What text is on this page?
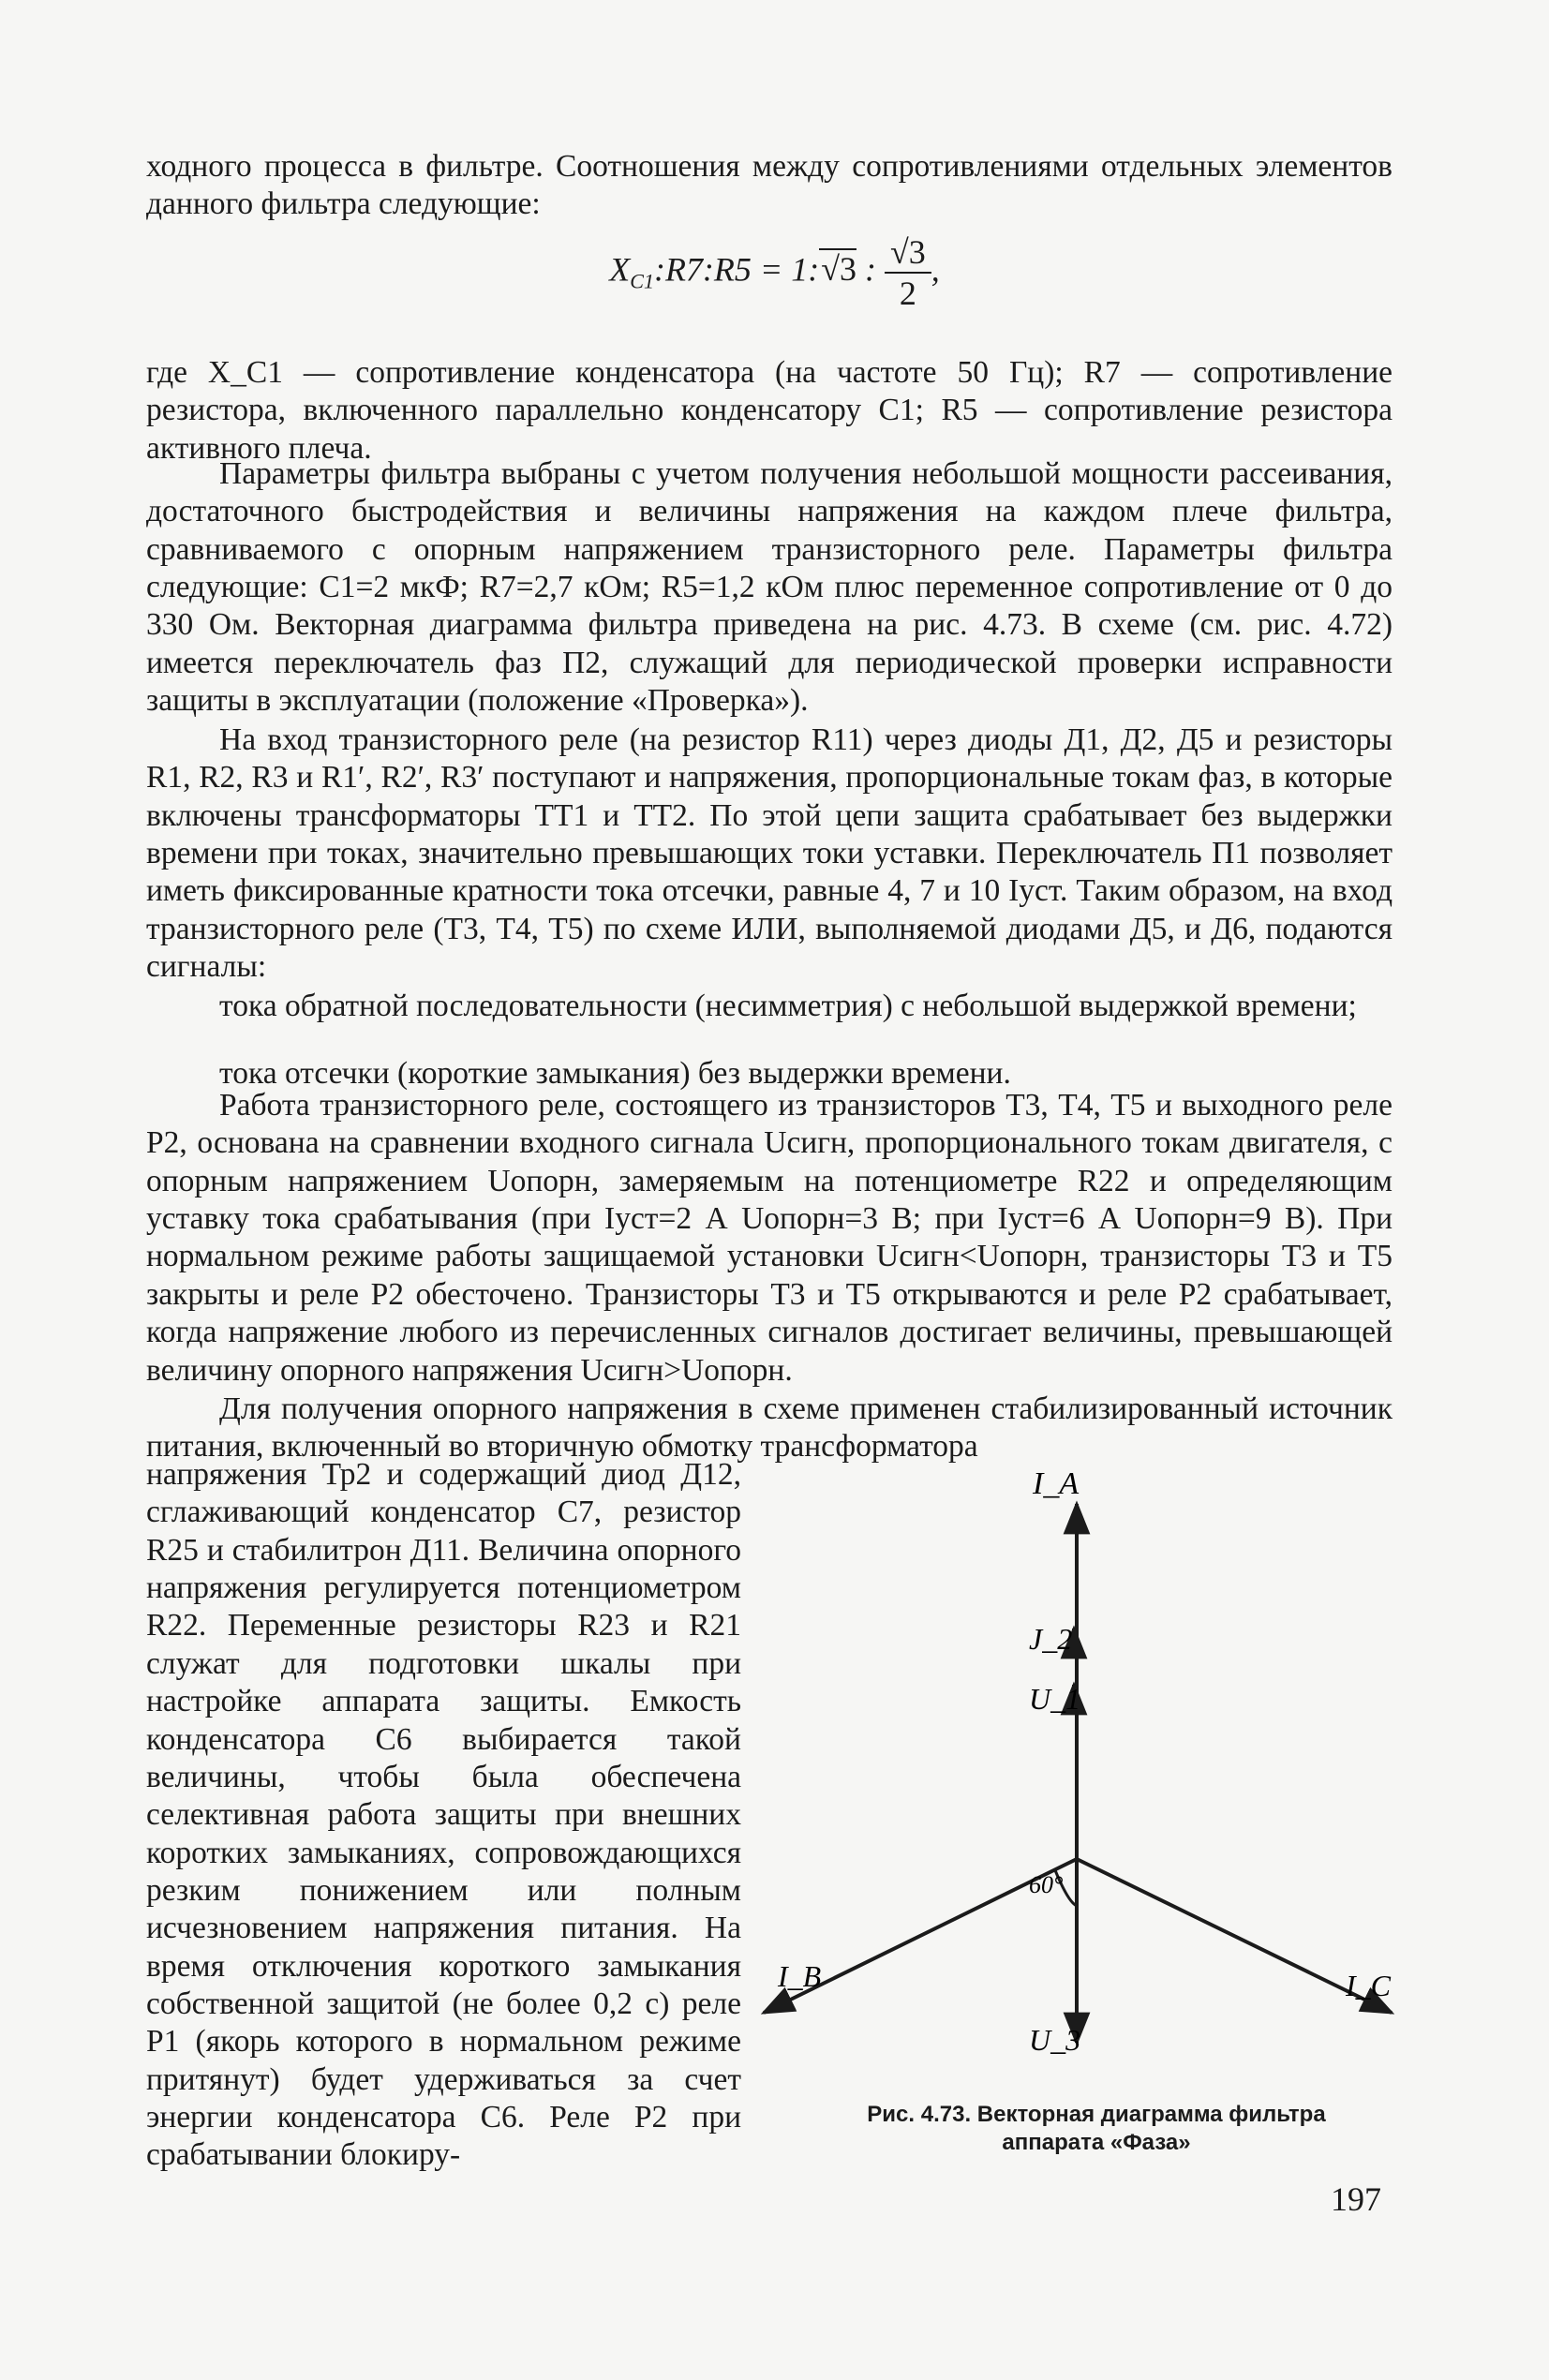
ходного процесса в фильтре. Соотношения между сопротивлениями отдельных элементов данного фильтра следующие:

$X_{C1}:R7:R5$ = 1:√3 : $\frac{√3}{2}$ ,

где X_C1 — сопротивление конденсатора (на частоте 50 Гц); R7 — сопротивление резистора, включенного параллельно конденсатору C1; R5 — сопротивление резистора активного плеча.

Параметры фильтра выбраны с учетом получения небольшой мощности рассеивания, достаточного быстродействия и величины напряжения на каждом плече фильтра, сравниваемого с опорным напряжением транзисторного реле. Параметры фильтра следующие: C1=2 мкФ; R7=2,7 кОм; R5=1,2 кОм плюс переменное сопротивление от 0 до 330 Ом. Векторная диаграмма фильтра приведена на рис. 4.73. В схеме (см. рис. 4.72) имеется переключатель фаз П2, служащий для периодической проверки исправности защиты в эксплуатации (положение «Проверка»).

На вход транзисторного реле (на резистор R11) через диоды Д1, Д2, Д5 и резисторы R1, R2, R3 и R1′, R2′, R3′ поступают и напряжения, пропорциональные токам фаз, в которые включены трансформаторы ТТ1 и ТТ2. По этой цепи защита срабатывает без выдержки времени при токах, значительно превышающих токи уставки. Переключатель П1 позволяет иметь фиксированные кратности тока отсечки, равные 4, 7 и 10 Iуст. Таким образом, на вход транзисторного реле (Т3, Т4, Т5) по схеме ИЛИ, выполняемой диодами Д5, и Д6, подаются сигналы:

тока обратной последовательности (несимметрия) с небольшой выдержкой времени;

тока отсечки (короткие замыкания) без выдержки времени.

Работа транзисторного реле, состоящего из транзисторов Т3, Т4, Т5 и выходного реле Р2, основана на сравнении входного сигнала Uсигн, пропорционального токам двигателя, с опорным напряжением Uопорн, замеряемым на потенциометре R22 и определяющим уставку тока срабатывания (при Iуст=2 А Uопорн=3 В; при Iуст=6 А Uопорн=9 В). При нормальном режиме работы защищаемой установки Uсигн<Uопорн, транзисторы Т3 и Т5 закрыты и реле Р2 обесточено. Транзисторы Т3 и Т5 открываются и реле Р2 срабатывает, когда напряжение любого из перечисленных сигналов достигает величины, превышающей величину опорного напряжения Uсигн>Uопорн.

Для получения опорного напряжения в схеме применен стабилизированный источник питания, включенный во вторичную обмотку трансформатора

напряжения Тр2 и содержащий диод Д12, сглаживающий конденсатор С7, резистор R25 и стабилитрон Д11. Величина опорного напряжения регулируется потенциометром R22. Переменные резисторы R23 и R21 служат для подготовки шкалы при настройке аппарата защиты. Емкость конденсатора С6 выбирается такой величины, чтобы была обеспечена селективная работа защиты при внешних коротких замыканиях, сопровождающихся резким понижением или полным исчезновением напряжения питания. На время отключения короткого замыкания собственной защитой (не более 0,2 с) реле Р1 (якорь которого в нормальном режиме притянут) будет удерживаться за счет энергии конденсатора С6. Реле Р2 при срабатывании блокиру-

I_A
J_2
U_1
60°
I_B	I_C
U_3
Рис. 4.73. Векторная диаграмма фильтра
аппарата «Фаза»
197
